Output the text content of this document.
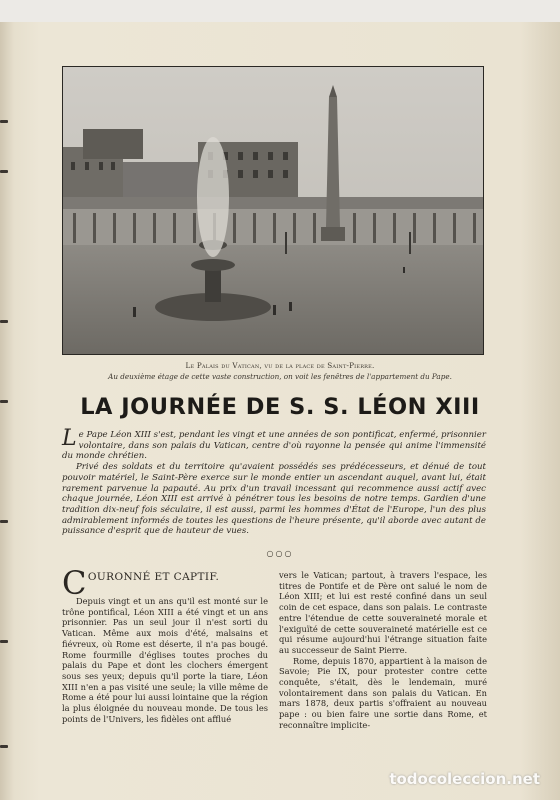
Le Palais du Vatican, vu de la place de Saint-Pierre.
Au deuxième étage de cette vaste construction, on voit les fenêtres de l'appartement du Pape.
LA JOURNÉE DE S. S. LÉON XIII

Le Pape Léon XIII s'est, pendant les vingt et une années de son pontificat, enfermé, prisonnier volontaire, dans son palais du Vatican, centre d'où rayonne la pensée qui anime l'immensité du monde chrétien.

Privé des soldats et du territoire qu'avaient possédés ses prédécesseurs, et dénué de tout pouvoir matériel, le Saint-Père exerce sur le monde entier un ascendant auquel, avant lui, était rarement parvenue la papauté. Au prix d'un travail incessant qui recommence aussi actif avec chaque journée, Léon XIII est arrivé à pénétrer tous les besoins de notre temps. Gardien d'une tradition dix-neuf fois séculaire, il est aussi, parmi les hommes d'État de l'Europe, l'un des plus admirablement informés de toutes les questions de l'heure présente, qu'il aborde avec autant de puissance d'esprit que de hauteur de vues.

○○○

COURONNÉ ET CAPTIF.

Depuis vingt et un ans qu'il est monté sur le trône pontifical, Léon XIII a été vingt et un ans prisonnier. Pas un seul jour il n'est sorti du Vatican. Même aux mois d'été, malsains et fiévreux, où Rome est déserte, il n'a pas bougé. Rome fourmille d'églises toutes proches du palais du Pape et dont les clochers émergent sous ses yeux; depuis qu'il porte la tiare, Léon XIII n'en a pas visité une seule; la ville même de Rome a été pour lui aussi lointaine que la région la plus éloignée du nouveau monde. De tous les points de l'Univers, les fidèles ont afflué

vers le Vatican; partout, à travers l'espace, les titres de Pontife et de Père ont salué le nom de Léon XIII; et lui est resté confiné dans un seul coin de cet espace, dans son palais. Le contraste entre l'étendue de cette souveraineté morale et l'exiguïté de cette souveraineté matérielle est ce qui résume aujourd'hui l'étrange situation faite au successeur de Saint Pierre.

Rome, depuis 1870, appartient à la maison de Savoie; Pie IX, pour protester contre cette conquête, s'était, dès le lendemain, muré volontairement dans son palais du Vatican. En mars 1878, deux partis s'offraient au nouveau pape : ou bien faire une sortie dans Rome, et reconnaître implicite-

todocoleccion.net
